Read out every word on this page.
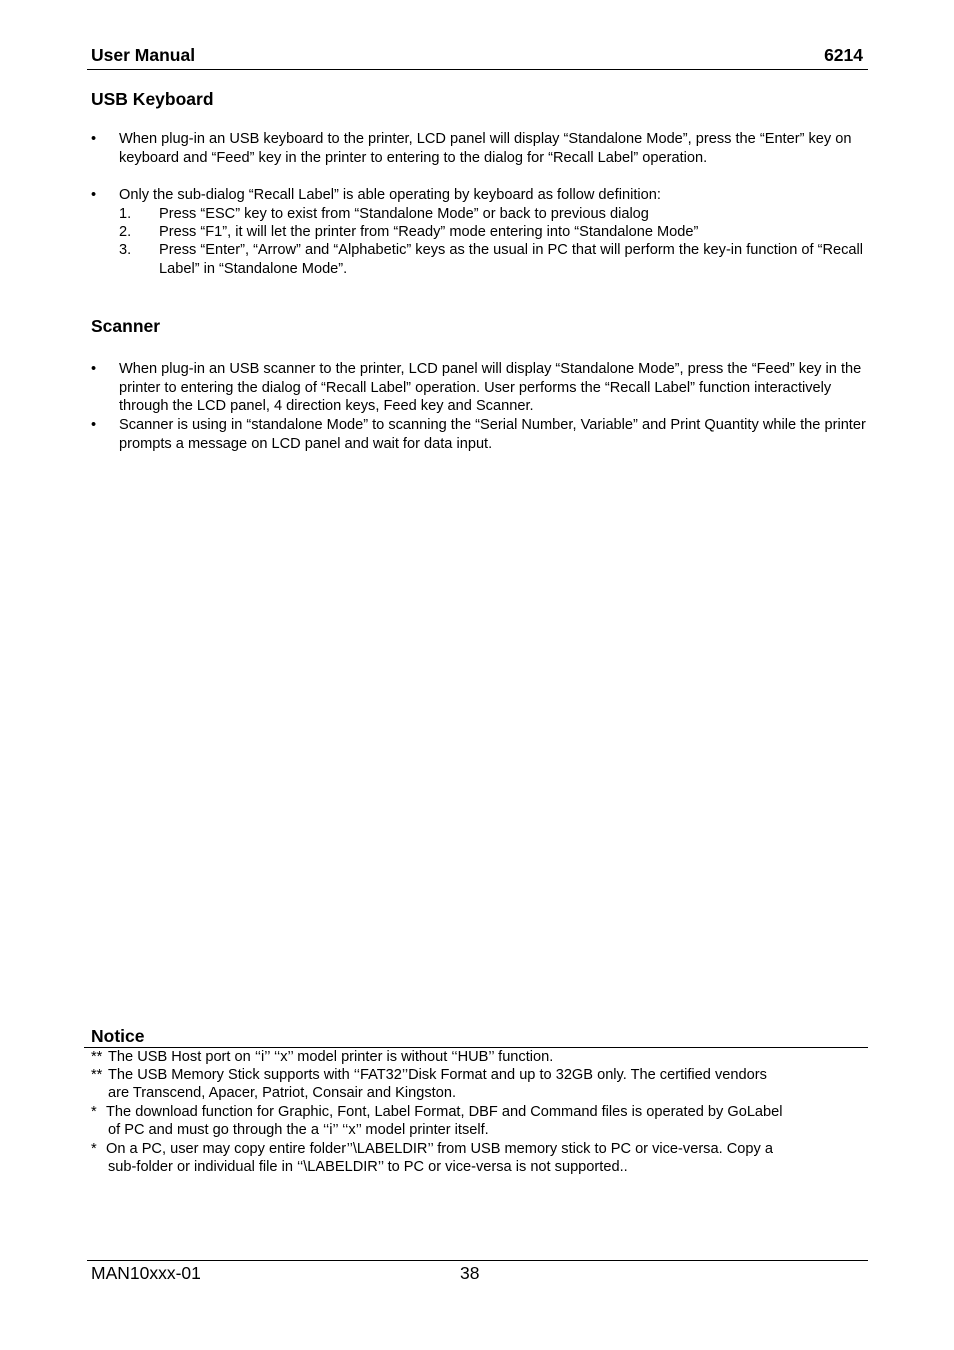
User Manual	6214
USB Keyboard
•	When plug-in an USB keyboard to the printer, LCD panel will display “Standalone Mode”, press the “Enter” key on keyboard and “Feed” key in the printer to entering to the dialog for “Recall Label” operation.
•	Only the sub-dialog “Recall Label” is able operating by keyboard as follow definition:
1. Press “ESC” key to exist from “Standalone Mode” or back to previous dialog
2. Press “F1”, it will let the printer from “Ready” mode entering into “Standalone Mode”
3. Press “Enter”, “Arrow” and “Alphabetic” keys as the usual in PC that will perform the key-in function of “Recall Label” in “Standalone Mode”.
Scanner
•	When plug-in an USB scanner to the printer, LCD panel will display “Standalone Mode”, press the “Feed” key in the printer to entering the dialog of “Recall Label” operation. User performs the “Recall Label” function interactively through the LCD panel, 4 direction keys, Feed key and Scanner.
•	Scanner is using in “standalone Mode” to scanning the “Serial Number, Variable” and Print Quantity while the printer prompts a message on LCD panel and wait for data input.
Notice
** The USB Host port on ‘‘i’’ ‘‘x’’ model printer is without ‘‘HUB’’ function.
** The USB Memory Stick supports with ‘‘FAT32’’Disk Format and up to 32GB only. The certified vendors
are Transcend, Apacer, Patriot, Consair and Kingston.
* The download function for Graphic, Font, Label Format, DBF and Command files is operated by GoLabel
of PC and must go through the a ‘‘i’’ ‘‘x’’ model printer itself.
* On a PC, user may copy entire folder’’\LABELDIR’’ from USB memory stick to PC or vice-versa. Copy a
sub-folder or individual file in ‘‘\LABELDIR’’ to PC or vice-versa is not supported..
MAN10xxx-01	38
